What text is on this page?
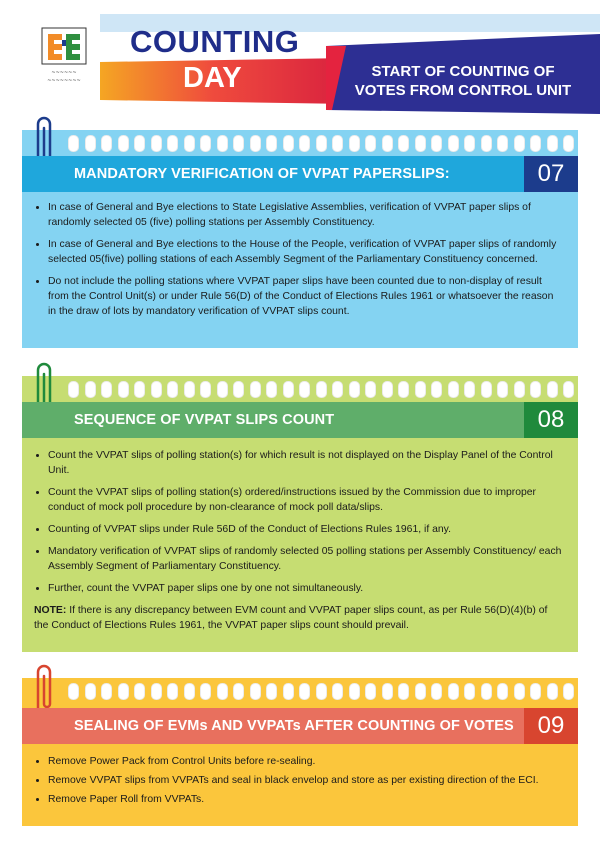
~~~~~~
~~~~~~~~
COUNTING
DAY	START OF COUNTING OF
VOTES FROM CONTROL UNIT
MANDATORY VERIFICATION OF VVPAT PAPERSLIPS:	07
• In case of General and Bye elections to State Legislative Assemblies, verification of VVPAT paper slips of randomly selected 05 (five) polling stations per Assembly Constituency.
• In case of General and Bye elections to the House of the People, verification of VVPAT paper slips of randomly selected 05(five) polling stations of each Assembly Segment of the Parliamentary Constituency concerned.
• Do not include the polling stations where VVPAT paper slips have been counted due to non-display of result from the Control Unit(s) or under Rule 56(D) of the Conduct of Elections Rules 1961 or whatsoever the reason in the draw of lots by mandatory verification of VVPAT slips count.
SEQUENCE OF VVPAT SLIPS COUNT	08
• Count the VVPAT slips of polling station(s) for which result is not displayed on the Display Panel of the Control Unit.
• Count the VVPAT slips of polling station(s) ordered/instructions issued by the Commission due to improper conduct of mock poll procedure by non-clearance of mock poll data/slips.
• Counting of VVPAT slips under Rule 56D of the Conduct of Elections Rules 1961, if any.
• Mandatory verification of VVPAT slips of randomly selected 05 polling stations per Assembly Constituency/ each Assembly Segment of Parliamentary Constituency.
• Further, count the VVPAT paper slips one by one not simultaneously.

NOTE: If there is any discrepancy between EVM count and VVPAT paper slips count, as per Rule 56(D)(4)(b) of the Conduct of Elections Rules 1961, the VVPAT paper slips count should prevail.

SEALING OF EVMs AND VVPATs AFTER COUNTING OF VOTES 09
• Remove Power Pack from Control Units before re-sealing.
• Remove VVPAT slips from VVPATs and seal in black envelop and store as per existing direction of the ECI.
• Remove Paper Roll from VVPATs.
